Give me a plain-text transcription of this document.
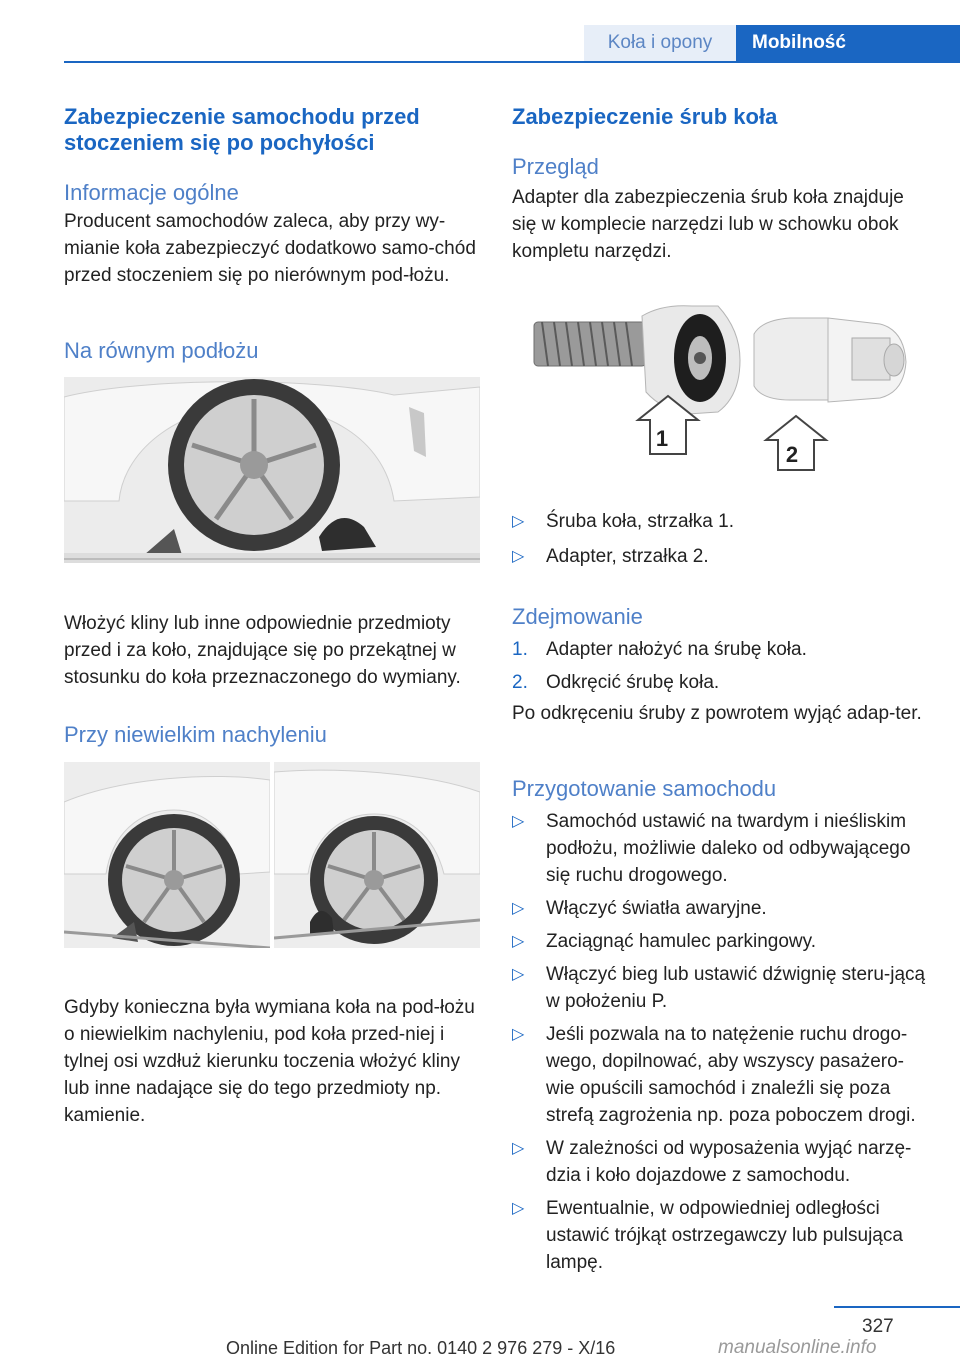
Koła i opony	Mobilność
Zabezpieczenie samochodu przed stoczeniem się po pochyłości
Informacje ogólne
Producent samochodów zaleca, aby przy wy-mianie koła zabezpieczyć dodatkowo samo-chód przed stoczeniem się po nierównym pod-łożu.
Na równym podłożu
Włożyć kliny lub inne odpowiednie przedmioty przed i za koło, znajdujące się po przekątnej w stosunku do koła przeznaczonego do wymiany.
Przy niewielkim nachyleniu
Gdyby konieczna była wymiana koła na pod-łożu o niewielkim nachyleniu, pod koła przed-niej i tylnej osi wzdłuż kierunku toczenia włożyć kliny lub inne nadające się do tego przedmioty np. kamienie.
Zabezpieczenie śrub koła
Przegląd
Adapter dla zabezpieczenia śrub koła znajduje się w komplecie narzędzi lub w schowku obok kompletu narzędzi.
1
2
▷ Śruba koła, strzałka 1.
▷ Adapter, strzałka 2.
Zdejmowanie
1. Adapter nałożyć na śrubę koła.
2. Odkręcić śrubę koła.
Po odkręceniu śruby z powrotem wyjąć adap-ter.
Przygotowanie samochodu
▷ Samochód ustawić na twardym i nieśliskim podłożu, możliwie daleko od odbywającego się ruchu drogowego.
▷ Włączyć światła awaryjne.
▷ Zaciągnąć hamulec parkingowy.
▷ Włączyć bieg lub ustawić dźwignię steru-jącą w położeniu P.
▷ Jeśli pozwala na to natężenie ruchu drogo-wego, dopilnować, aby wszyscy pasażero-wie opuścili samochód i znaleźli się poza strefą zagrożenia np. poza poboczem drogi.
▷ W zależności od wyposażenia wyjąć narzę-dzia i koło dojazdowe z samochodu.
▷ Ewentualnie, w odpowiedniej odległości ustawić trójkąt ostrzegawczy lub pulsująca lampę.
327
Online Edition for Part no. 0140 2 976 279 - X/16	manualsonline.info
